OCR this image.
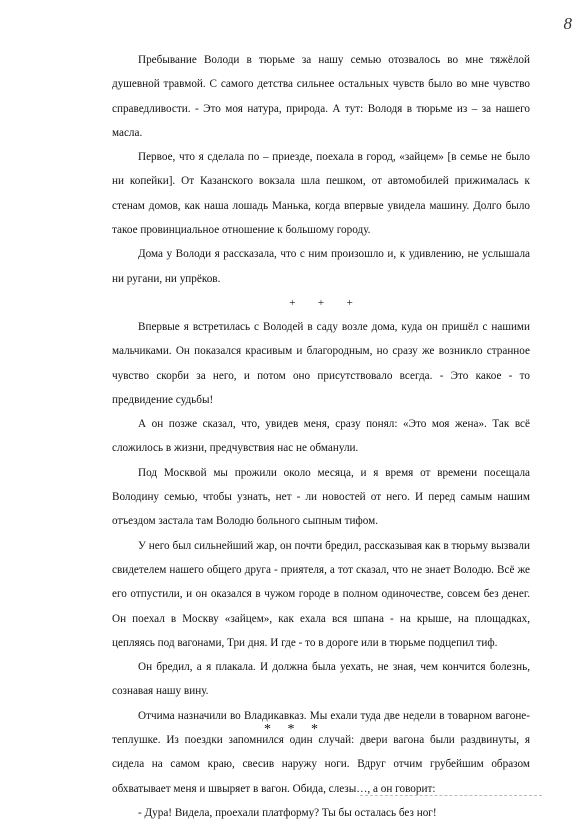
8

Пребывание Володи в тюрьме за нашу семью отозвалось во мне тяжёлой душевной травмой. С самого детства сильнее остальных чувств было во мне чувство справедливости. - Это моя натура, природа. А тут: Володя в тюрьме из – за нашего масла.

Первое, что я сделала по – приезде, поехала в город, «зайцем» [в семье не было ни копейки]. От Казанского вокзала шла пешком, от автомобилей прижималась к стенам домов, как наша лошадь Манька, когда впервые увидела машину. Долго было такое провинциальное отношение к большому городу.

Дома у Володи я рассказала, что с ним произошло и, к удивлению, не услышала ни ругани, ни упрёков.

+ + +

Впервые я встретилась с Володей в саду возле дома, куда он пришёл с нашими мальчиками. Он показался красивым и благородным, но сразу же возникло странное чувство скорби за него, и потом оно присутствовало всегда. - Это какое - то предвидение судьбы!

А он позже сказал, что, увидев меня, сразу понял: «Это моя жена». Так всё сложилось в жизни, предчувствия нас не обманули.

Под Москвой мы прожили около месяца, и я время от времени посещала Володину семью, чтобы узнать, нет - ли новостей от него. И перед самым нашим отъездом застала там Володю больного сыпным тифом.

У него был сильнейший жар, он почти бредил, рассказывая как в тюрьму вызвали свидетелем нашего общего друга - приятеля, а тот сказал, что не знает Володю. Всё же его отпустили, и он оказался в чужом городе в полном одиночестве, совсем без денег. Он поехал в Москву «зайцем», как ехала вся шпана - на крыше, на площадках, цепляясь под вагонами, Три дня. И где - то в дороге или в тюрьме подцепил тиф.

Он бредил, а я плакала. И должна была уехать, не зная, чем кончится болезнь, сознавая нашу вину.

Отчима назначили во Владикавказ. Мы ехали туда две недели в товарном вагоне-теплушке. Из поездки запомнился один случай: двери вагона были раздвинуты, я сидела на самом краю, свесив наружу ноги. Вдруг отчим грубейшим образом обхватывает меня и швыряет в вагон. Обида, слезы…, а он говорит:

- Дура! Видела, проехали платформу? Ты бы осталась без ног!

* * *
